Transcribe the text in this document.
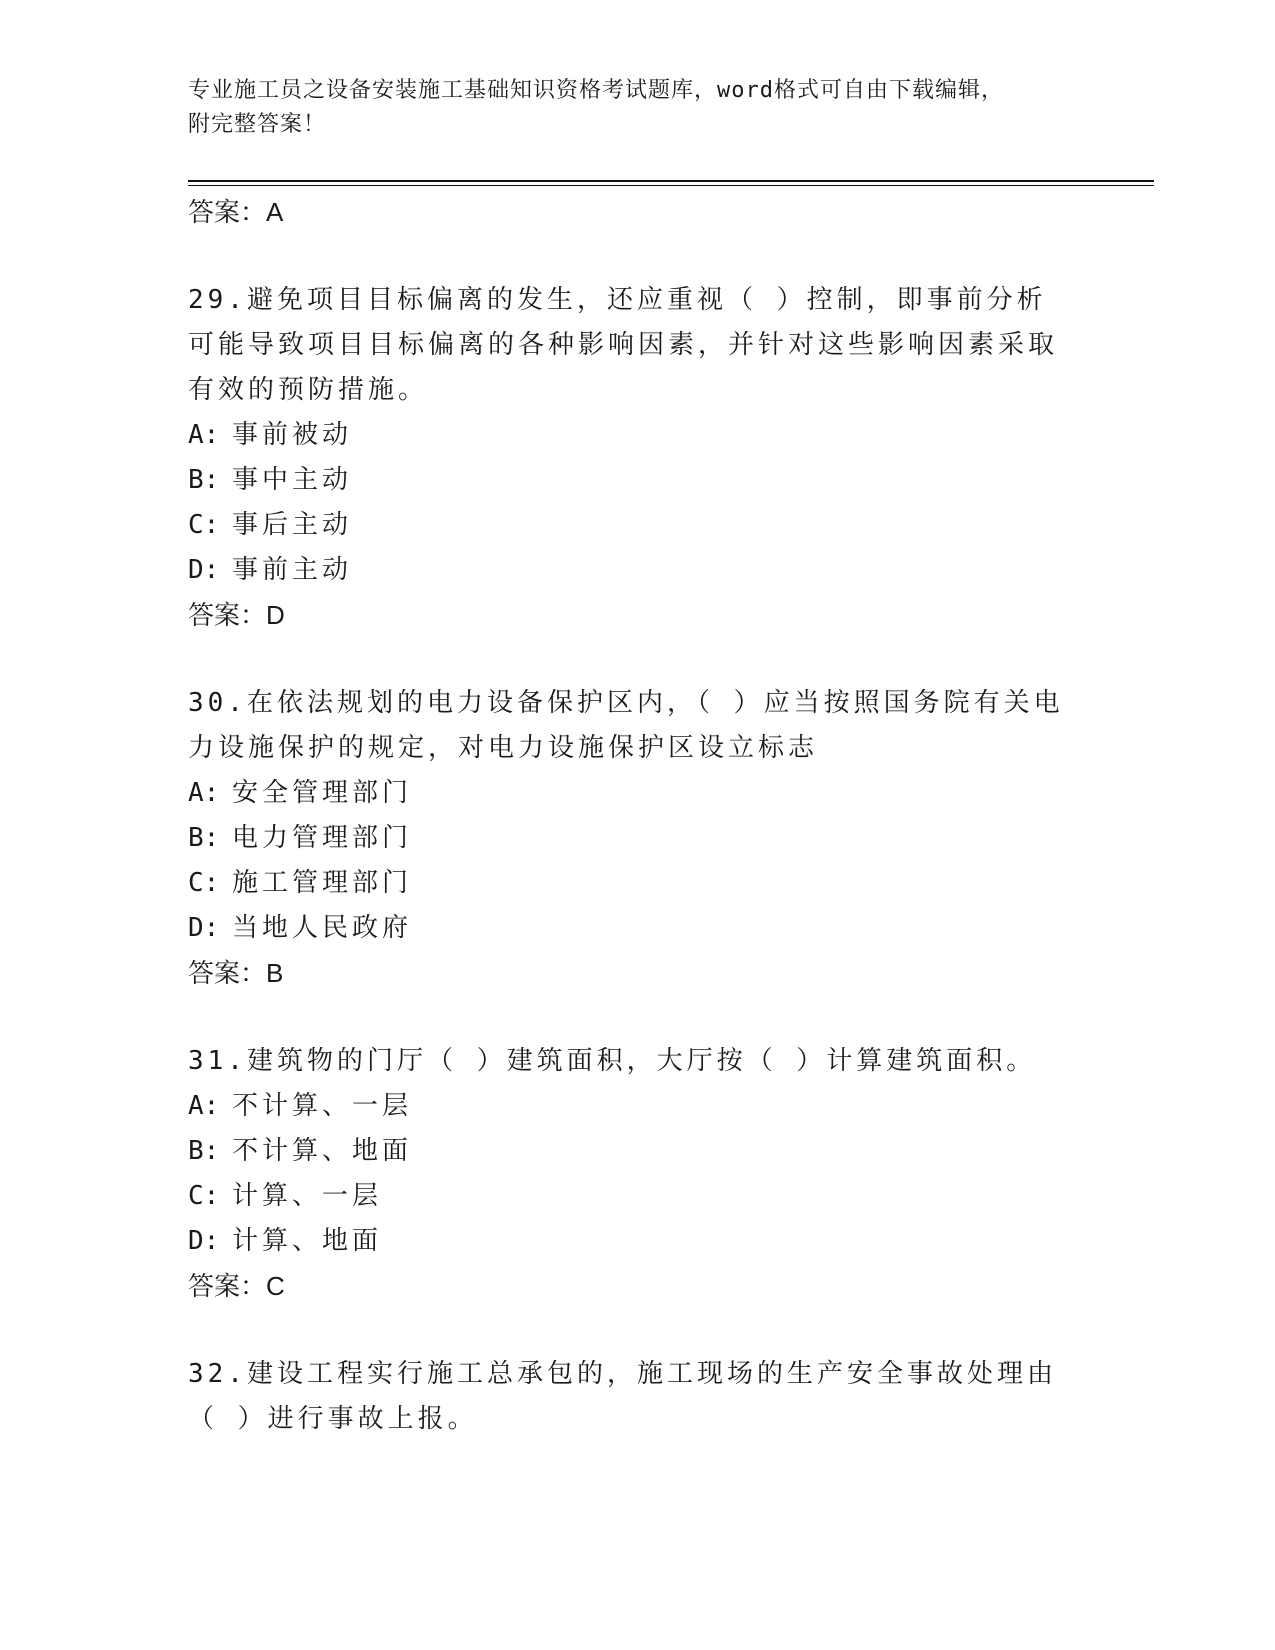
专业施工员之设备安装施工基础知识资格考试题库，word格式可自由下载编辑，
附完整答案！
答案：A

29.避免项目目标偏离的发生，还应重视（ ）控制，即事前分析可能导致项目目标偏离的各种影响因素，并针对这些影响因素采取有效的预防措施。

A: 事前被动
B: 事中主动
C: 事后主动
D: 事前主动
答案：D

30.在依法规划的电力设备保护区内，（ ）应当按照国务院有关电力设施保护的规定，对电力设施保护区设立标志

A: 安全管理部门
B: 电力管理部门
C: 施工管理部门
D: 当地人民政府
答案：B

31.建筑物的门厅（ ）建筑面积，大厅按（ ）计算建筑面积。

A: 不计算、一层
B: 不计算、地面
C: 计算、一层
D: 计算、地面
答案：C

32.建设工程实行施工总承包的，施工现场的生产安全事故处理由（ ）进行事故上报。
